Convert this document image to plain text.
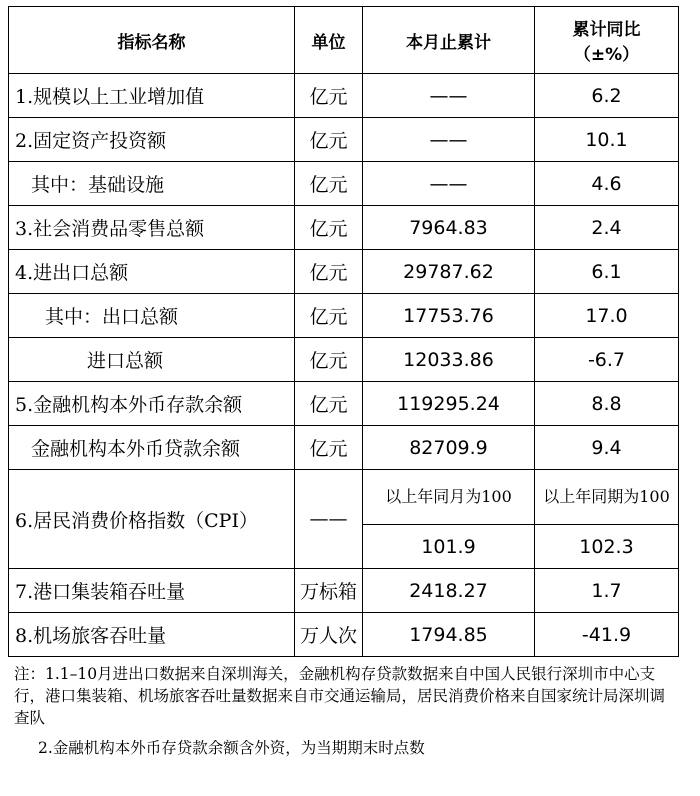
指标名称	单位	本月止累计	累计同比
（±%）

1.规模以上工业增加值	亿元	——	6.2
2.固定资产投资额	亿元	——	10.1
其中：基础设施	亿元	——	4.6
3.社会消费品零售总额	亿元	7964.83	2.4
4.进出口总额	亿元	29787.62	6.1
其中：出口总额	亿元	17753.76	17.0
进口总额	亿元	12033.86	-6.7
5.金融机构本外币存款余额	亿元	119295.24	8.8
金融机构本外币贷款余额	亿元	82709.9	9.4
6.居民消费价格指数（CPI）	——	以上年同月为100	以上年同期为100
		101.9	102.3
7.港口集装箱吞吐量	万标箱	2418.27	1.7
8.机场旅客吞吐量	万人次	1794.85	-41.9
注：1.1–10月进出口数据来自深圳海关，金融机构存贷款数据来自中国人民银行深圳市中心支行，港口集装箱、机场旅客吞吐量数据来自市交通运输局，居民消费价格来自国家统计局深圳调查队
2.金融机构本外币存贷款余额含外资，为当期期末时点数
